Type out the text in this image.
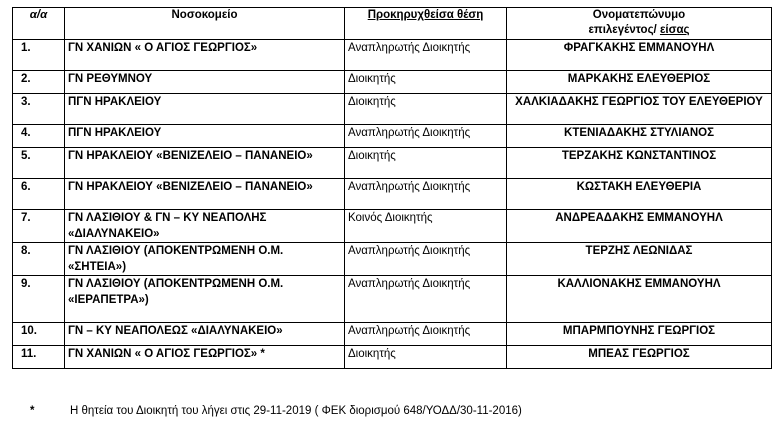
α/α	Νοσοκομείο	Προκηρυχθείσα θέση	Ονοματεπώνυμο
επιλεγέντος/ είσας
1.	ΓΝ ΧΑΝΙΩΝ « Ο ΑΓΙΟΣ ΓΕΩΡΓΙΟΣ»	Αναπληρωτής Διοικητής	ΦΡΑΓΚΑΚΗΣ ΕΜΜΑΝΟΥΗΛ
2.	ΓΝ ΡΕΘΥΜΝΟΥ	Διοικητής	ΜΑΡΚΑΚΗΣ ΕΛΕΥΘΕΡΙΟΣ
3.	ΠΓΝ ΗΡΑΚΛΕΙΟΥ	Διοικητής	ΧΑΛΚΙΑΔΑΚΗΣ ΓΕΩΡΓΙΟΣ ΤΟΥ ΕΛΕΥΘΕΡΙΟΥ
4.	ΠΓΝ ΗΡΑΚΛΕΙΟΥ	Αναπληρωτής Διοικητής	ΚΤΕΝΙΑΔΑΚΗΣ ΣΤΥΛΙΑΝΟΣ
5.	ΓΝ ΗΡΑΚΛΕΙΟΥ «ΒΕΝΙΖΕΛΕΙΟ – ΠΑΝΑΝΕΙΟ»	Διοικητής	ΤΕΡΖΑΚΗΣ ΚΩΝΣΤΑΝΤΙΝΟΣ
6.	ΓΝ ΗΡΑΚΛΕΙΟΥ «ΒΕΝΙΖΕΛΕΙΟ – ΠΑΝΑΝΕΙΟ»	Αναπληρωτής Διοικητής	ΚΩΣΤΑΚΗ ΕΛΕΥΘΕΡΙΑ
7.	ΓΝ ΛΑΣΙΘΙΟΥ & ΓΝ – ΚΥ ΝΕΑΠΟΛΗΣ «ΔΙΑΛΥΝΑΚΕΙΟ»	Κοινός Διοικητής	ΑΝΔΡΕΑΔΑΚΗΣ ΕΜΜΑΝΟΥΗΛ
8.	ΓΝ ΛΑΣΙΘΙΟΥ (ΑΠΟΚΕΝΤΡΩΜΕΝΗ Ο.Μ. «ΣΗΤΕΙΑ»)	Αναπληρωτής Διοικητής	ΤΕΡΖΗΣ ΛΕΩΝΙΔΑΣ
9.	ΓΝ ΛΑΣΙΘΙΟΥ (ΑΠΟΚΕΝΤΡΩΜΕΝΗ Ο.Μ. «ΙΕΡΑΠΕΤΡΑ»)	Αναπληρωτής Διοικητής	ΚΑΛΛΙΟΝΑΚΗΣ ΕΜΜΑΝΟΥΗΛ
10.	ΓΝ – ΚΥ ΝΕΑΠΟΛΕΩΣ «ΔΙΑΛΥΝΑΚΕΙΟ»	Αναπληρωτής Διοικητής	ΜΠΑΡΜΠΟΥΝΗΣ ΓΕΩΡΓΙΟΣ
11.	ΓΝ ΧΑΝΙΩΝ « Ο ΑΓΙΟΣ ΓΕΩΡΓΙΟΣ» *	Διοικητής	ΜΠΕΑΣ ΓΕΩΡΓΙΟΣ
*	Η θητεία του Διοικητή του λήγει στις 29-11-2019 ( ΦΕΚ διορισμού 648/ΥΟΔΔ/30-11-2016)
